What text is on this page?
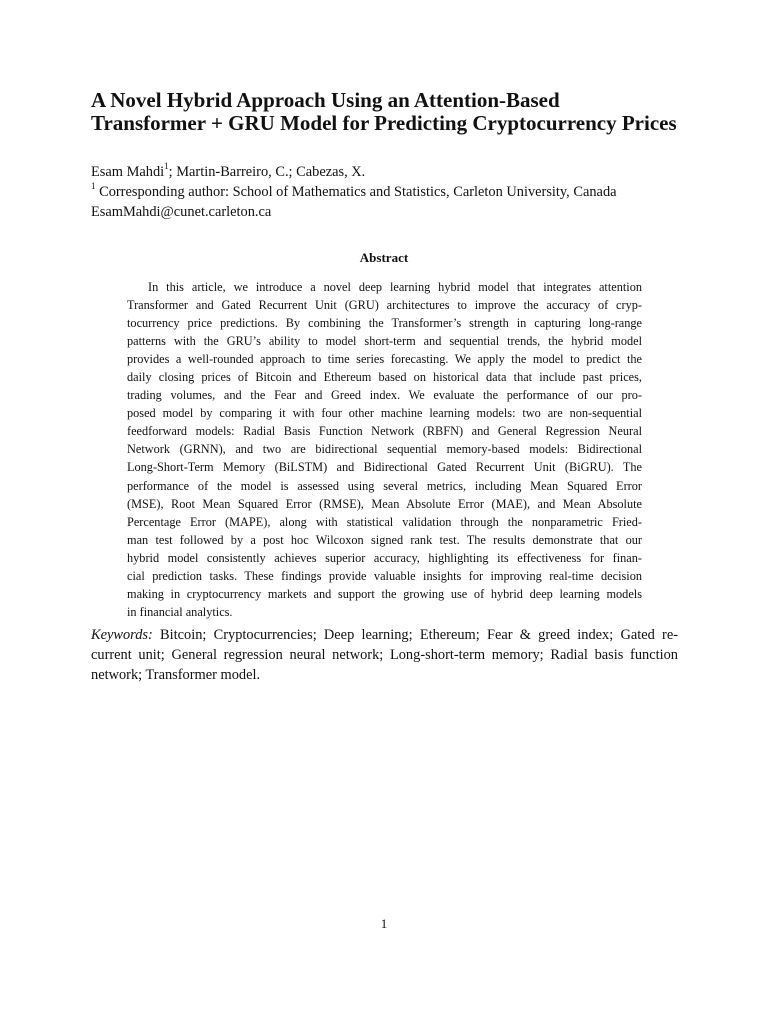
A Novel Hybrid Approach Using an Attention-Based
Transformer + GRU Model for Predicting Cryptocurrency Prices
Esam Mahdi$^1$; Martin-Barreiro, C.; Cabezas, X.
$^1$ Corresponding author: School of Mathematics and Statistics, Carleton University, Canada
EsamMahdi@cunet.carleton.ca
Abstract
In this article, we introduce a novel deep learning hybrid model that integrates attention
Transformer and Gated Recurrent Unit (GRU) architectures to improve the accuracy of cryp-
tocurrency price predictions. By combining the Transformer’s strength in capturing long-range
patterns with the GRU’s ability to model short-term and sequential trends, the hybrid model
provides a well-rounded approach to time series forecasting. We apply the model to predict the
daily closing prices of Bitcoin and Ethereum based on historical data that include past prices,
trading volumes, and the Fear and Greed index. We evaluate the performance of our pro-
posed model by comparing it with four other machine learning models: two are non-sequential
feedforward models: Radial Basis Function Network (RBFN) and General Regression Neural
Network (GRNN), and two are bidirectional sequential memory-based models: Bidirectional
Long-Short-Term Memory (BiLSTM) and Bidirectional Gated Recurrent Unit (BiGRU). The
performance of the model is assessed using several metrics, including Mean Squared Error
(MSE), Root Mean Squared Error (RMSE), Mean Absolute Error (MAE), and Mean Absolute
Percentage Error (MAPE), along with statistical validation through the nonparametric Fried-
man test followed by a post hoc Wilcoxon signed rank test. The results demonstrate that our
hybrid model consistently achieves superior accuracy, highlighting its effectiveness for finan-
cial prediction tasks. These findings provide valuable insights for improving real-time decision
making in cryptocurrency markets and support the growing use of hybrid deep learning models
in financial analytics.
Keywords: Bitcoin; Cryptocurrencies; Deep learning; Ethereum; Fear & greed index; Gated re-
current unit; General regression neural network; Long-short-term memory; Radial basis function
network; Transformer model.
1
